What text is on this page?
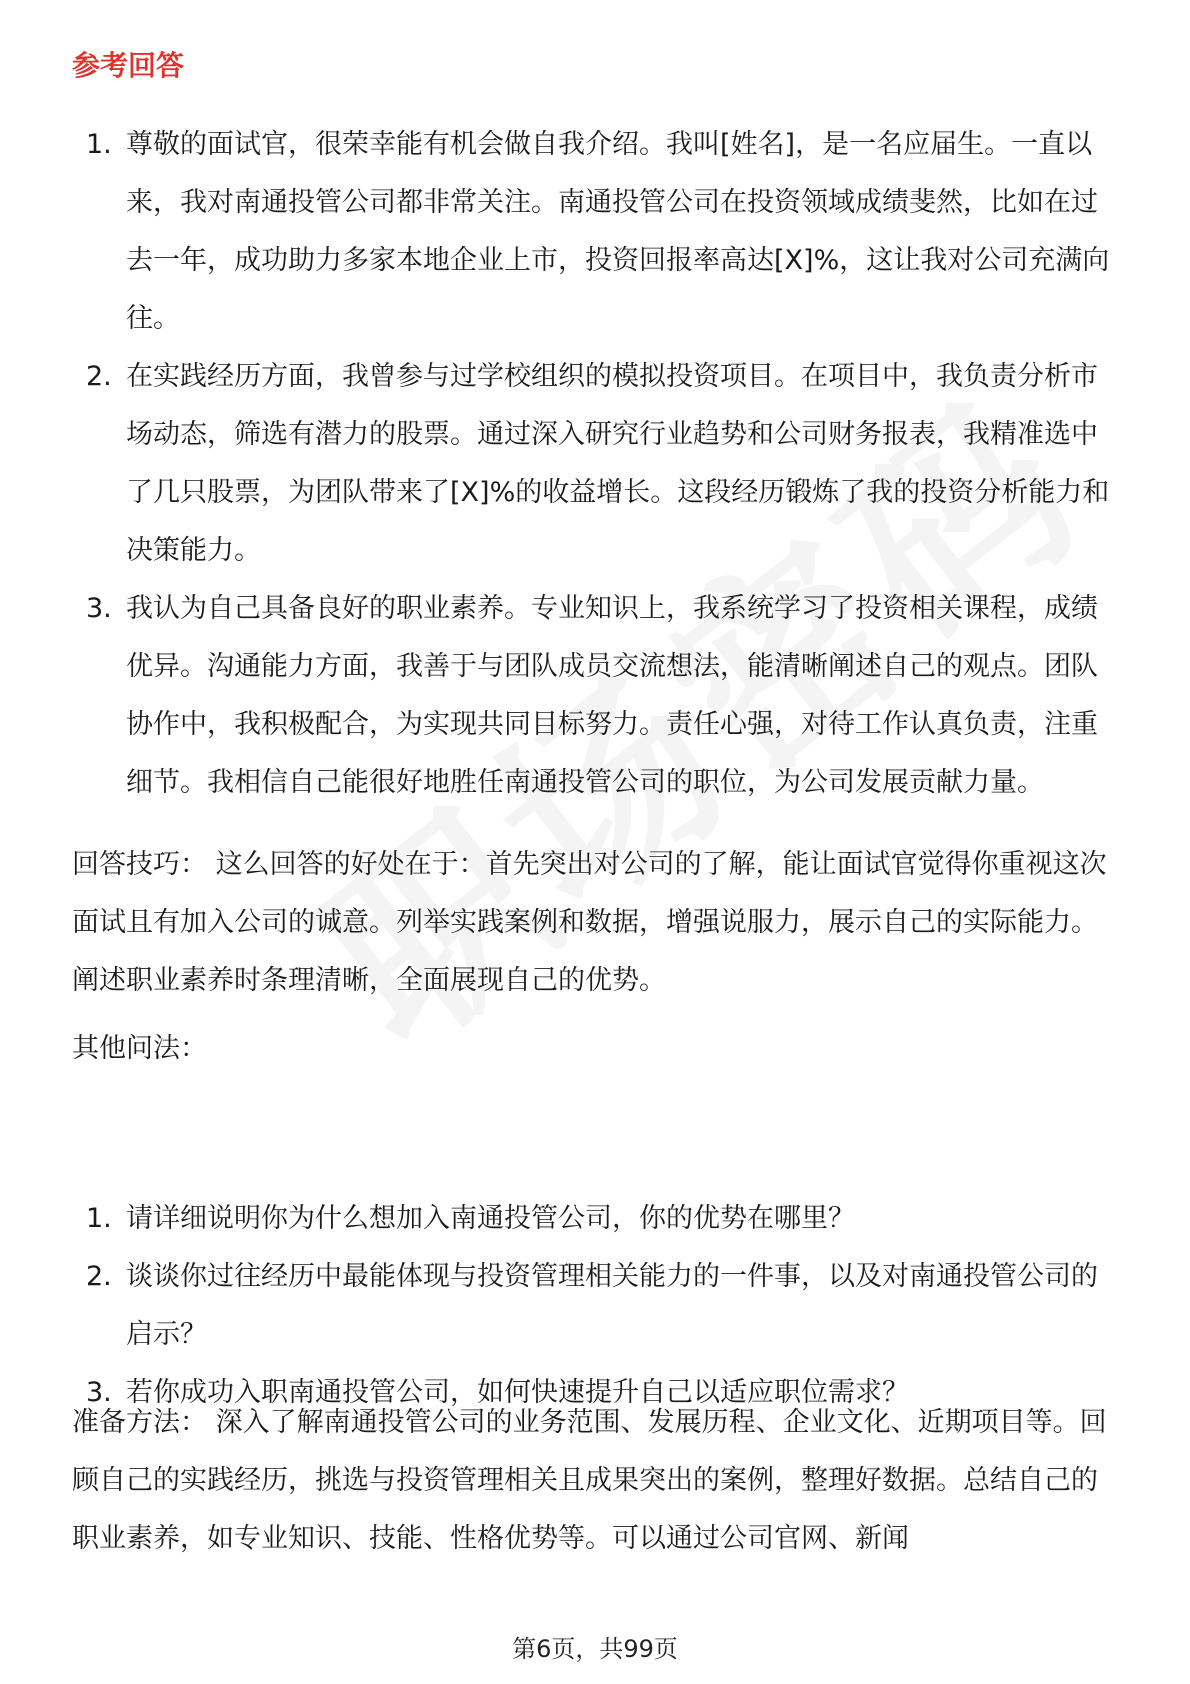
参考回答
1. 尊敬的面试官，很荣幸能有机会做自我介绍。我叫[姓名]，是一名应届生。一直以来，我对南通投管公司都非常关注。南通投管公司在投资领域成绩斐然，比如在过去一年，成功助力多家本地企业上市，投资回报率高达[X]%，这让我对公司充满向往。
2. 在实践经历方面，我曾参与过学校组织的模拟投资项目。在项目中，我负责分析市场动态，筛选有潜力的股票。通过深入研究行业趋势和公司财务报表，我精准选中了几只股票，为团队带来了[X]%的收益增长。这段经历锻炼了我的投资分析能力和决策能力。
3. 我认为自己具备良好的职业素养。专业知识上，我系统学习了投资相关课程，成绩优异。沟通能力方面，我善于与团队成员交流想法，能清晰阐述自己的观点。团队协作中，我积极配合，为实现共同目标努力。责任心强，对待工作认真负责，注重细节。我相信自己能很好地胜任南通投管公司的职位，为公司发展贡献力量。

回答技巧： 这么回答的好处在于：首先突出对公司的了解，能让面试官觉得你重视这次面试且有加入公司的诚意。列举实践案例和数据，增强说服力，展示自己的实际能力。阐述职业素养时条理清晰，全面展现自己的优势。

其他问法：

1. 请详细说明你为什么想加入南通投管公司，你的优势在哪里？
2. 谈谈你过往经历中最能体现与投资管理相关能力的一件事，以及对南通投管公司的启示？
3. 若你成功入职南通投管公司，如何快速提升自己以适应职位需求？

准备方法： 深入了解南通投管公司的业务范围、发展历程、企业文化、近期项目等。回顾自己的实践经历，挑选与投资管理相关且成果突出的案例，整理好数据。总结自己的职业素养，如专业知识、技能、性格优势等。可以通过公司官网、新闻

第6页，共99页
